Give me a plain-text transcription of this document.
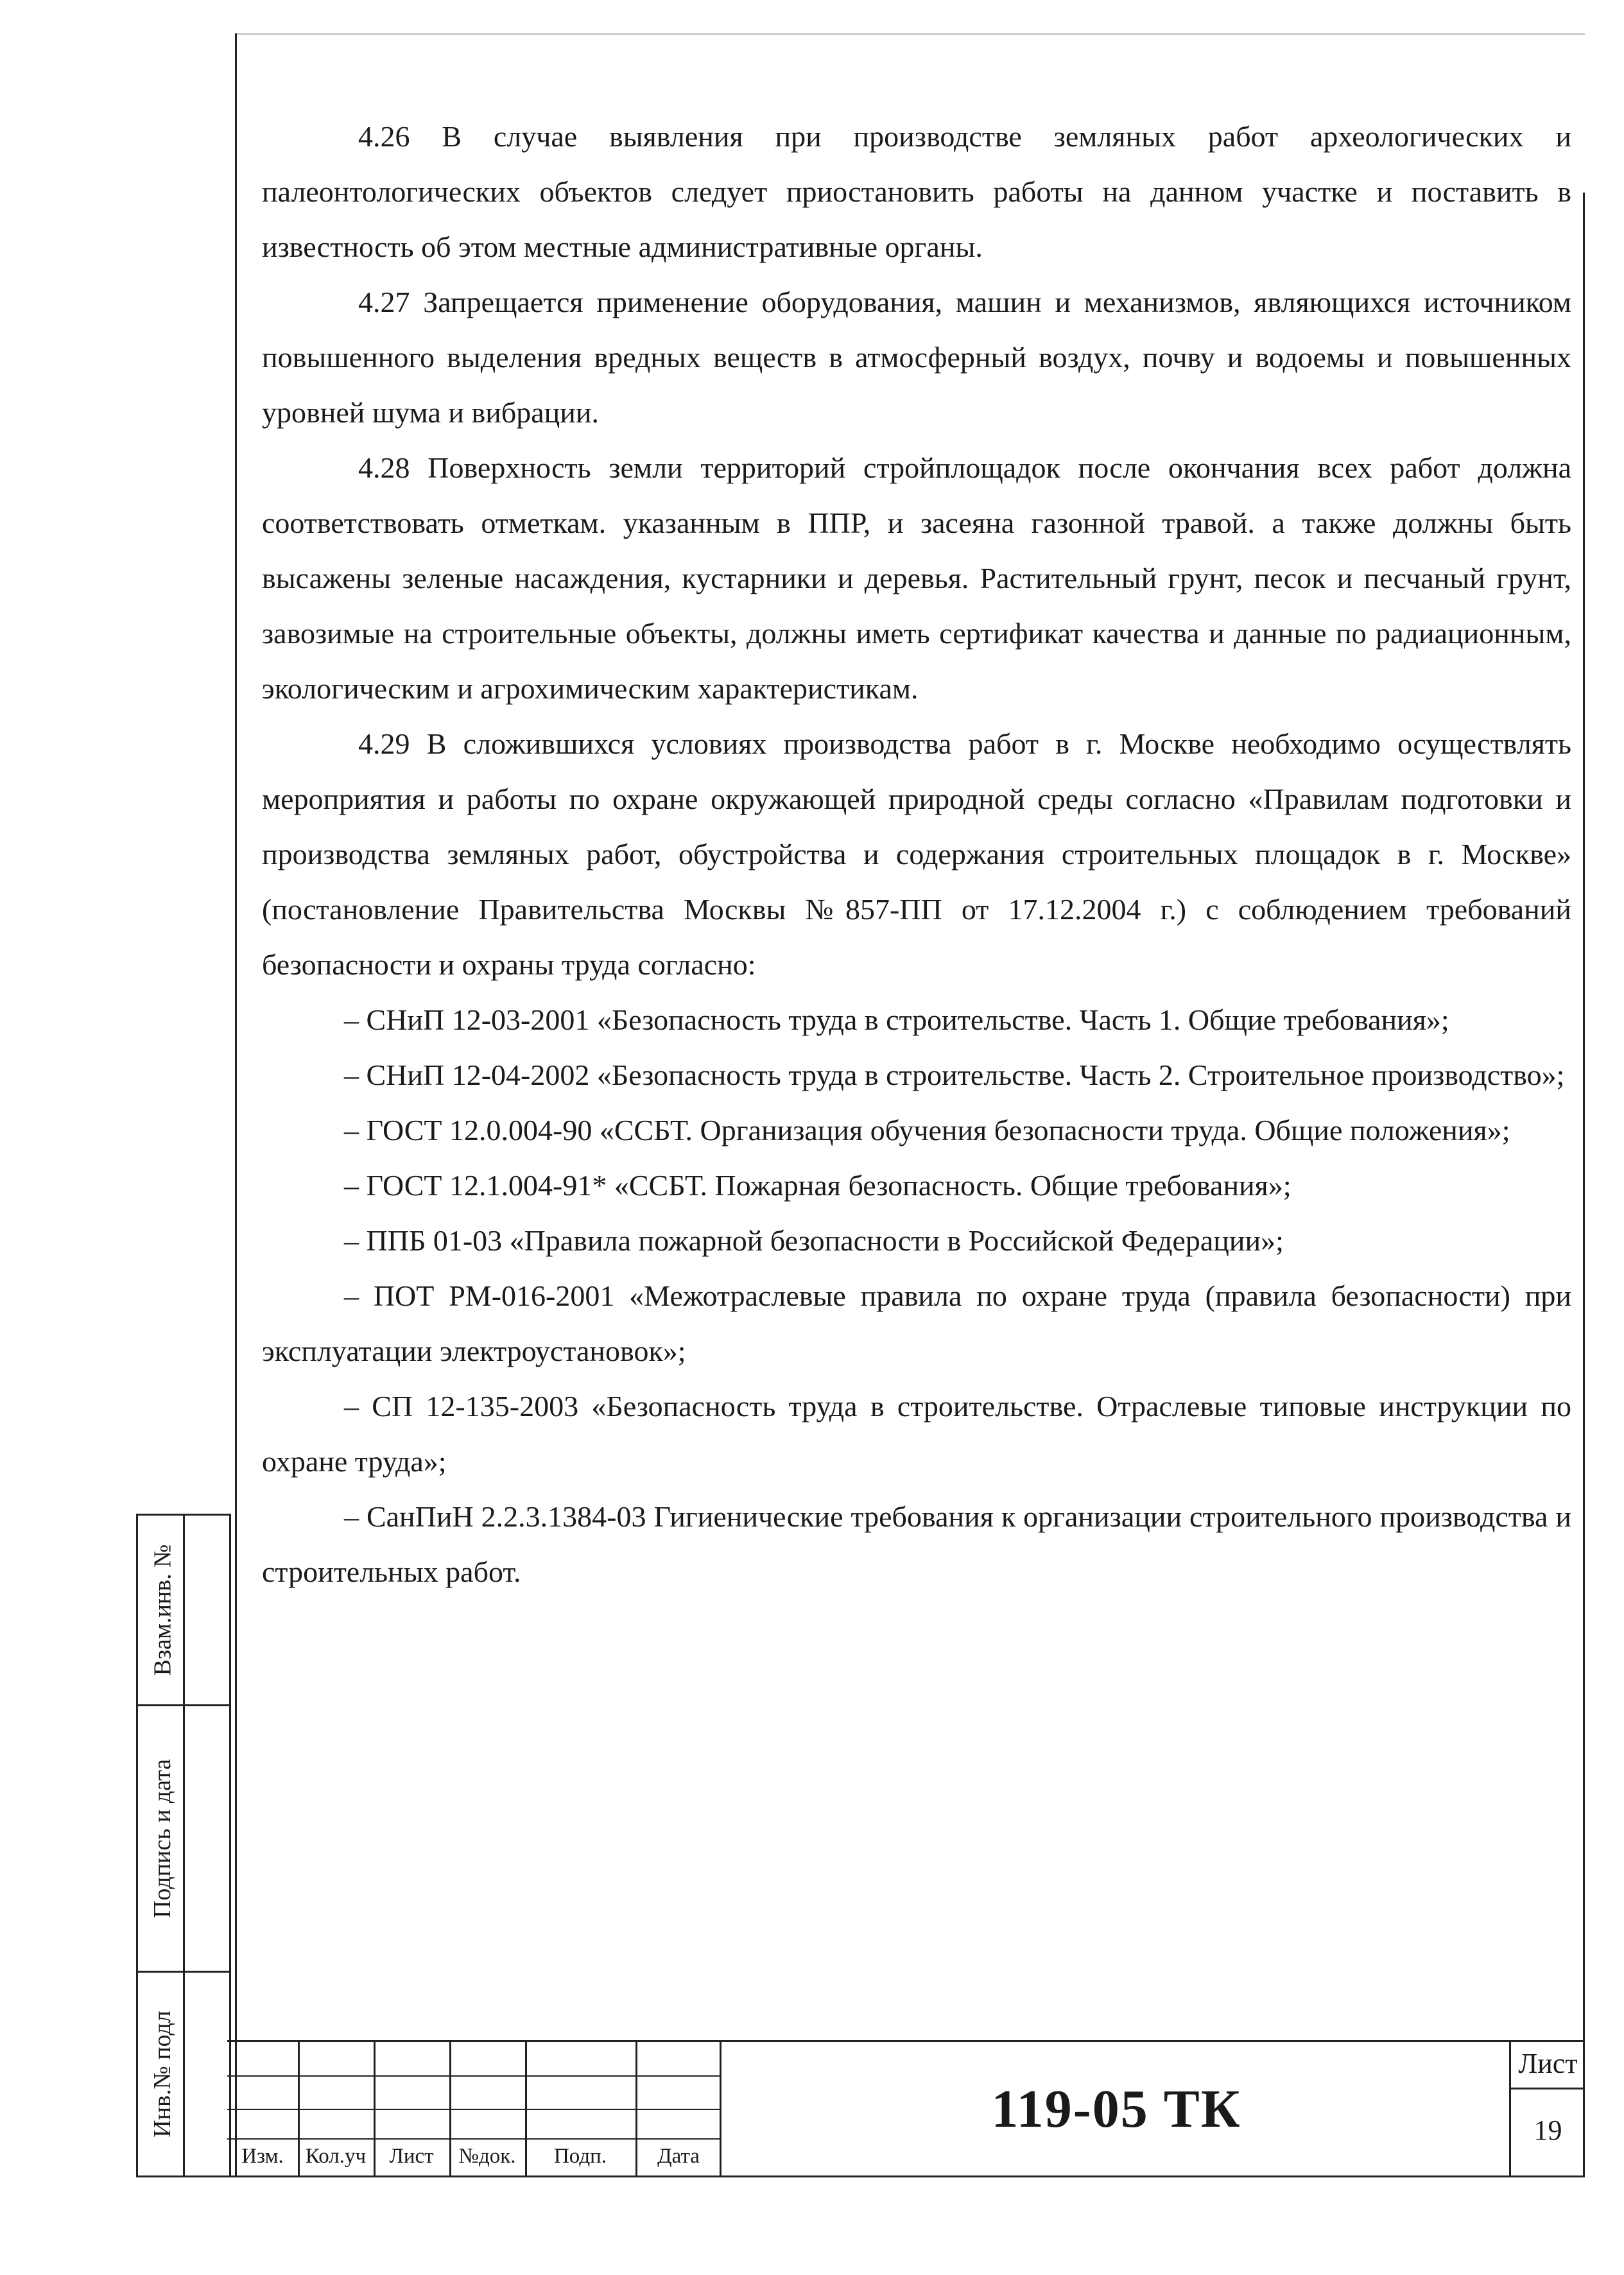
4.26 В случае выявления при производстве земляных работ археологических и палеонтологических объектов следует приостановить работы на данном участке и поставить в известность об этом местные административные органы.

4.27 Запрещается применение оборудования, машин и механизмов, являющихся источником повышенного выделения вредных веществ в атмосферный воздух, почву и водоемы и повышенных уровней шума и вибрации.

4.28 Поверхность земли территорий стройплощадок после окончания всех работ должна соответствовать отметкам. указанным в ППР, и засеяна газонной травой. а также должны быть высажены зеленые насаждения, кустарники и деревья. Растительный грунт, песок и песчаный грунт, завозимые на строительные объекты, должны иметь сертификат качества и данные по радиационным, экологическим и агрохимическим характеристикам.

4.29 В сложившихся условиях производства работ в г. Москве необходимо осуществлять мероприятия и работы по охране окружающей природной среды согласно «Правилам подготовки и производства земляных работ, обустройства и содержания строительных площадок в г. Москве» (постановление Правительства Москвы №857-ПП от 17.12.2004 г.) с соблюдением требований безопасности и охраны труда согласно:

– СНиП 12-03-2001 «Безопасность труда в строительстве. Часть 1. Общие требования»;

– СНиП 12-04-2002 «Безопасность труда в строительстве. Часть 2. Строительное производство»;

– ГОСТ 12.0.004-90 «ССБТ. Организация обучения безопасности труда. Общие положения»;

– ГОСТ 12.1.004-91* «ССБТ. Пожарная безопасность. Общие требования»;

– ППБ 01-03 «Правила пожарной безопасности в Российской Федерации»;

– ПОТ РМ-016-2001 «Межотраслевые правила по охране труда (правила безопасности) при эксплуатации электроустановок»;

– СП 12-135-2003 «Безопасность труда в строительстве. Отраслевые типовые инструкции по охране труда»;

– СанПиН 2.2.3.1384-03 Гигиенические требования к организации строительного производства и строительных работ.

Взам.инв. №
Подпись и дата
Инв.№ подл
Изм.	Кол.уч	Лист	№док.	Подп.	Дата
119-05 ТК
Лист
19
